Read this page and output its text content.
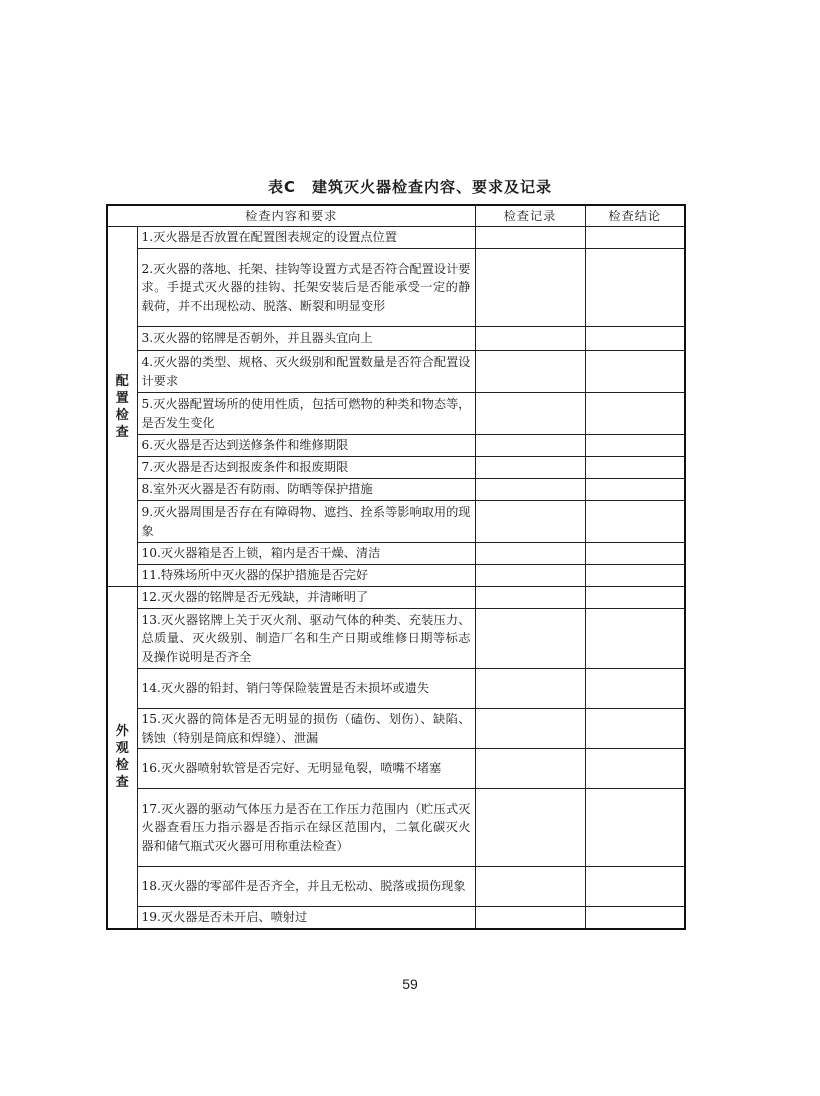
表C　建筑灭火器检查内容、要求及记录
检查内容和要求		检查记录	检查结论
配置检查	1.灭火器是否放置在配置图表规定的设置点位置		
	2.灭火器的落地、托架、挂钩等设置方式是否符合配置设计要求。手提式灭火器的挂钩、托架安装后是否能承受一定的静载荷，并不出现松动、脱落、断裂和明显变形		
	3.灭火器的铭牌是否朝外，并且器头宜向上		
	4.灭火器的类型、规格、灭火级别和配置数量是否符合配置设计要求		
	5.灭火器配置场所的使用性质，包括可燃物的种类和物态等，是否发生变化		
	6.灭火器是否达到送修条件和维修期限		
	7.灭火器是否达到报废条件和报废期限		
	8.室外灭火器是否有防雨、防晒等保护措施		
	9.灭火器周围是否存在有障碍物、遮挡、拴系等影响取用的现象		
	10.灭火器箱是否上锁，箱内是否干燥、清洁		
	11.特殊场所中灭火器的保护措施是否完好		
外观检查	12.灭火器的铭牌是否无残缺，并清晰明了		
	13.灭火器铭牌上关于灭火剂、驱动气体的种类、充装压力、总质量、灭火级别、制造厂名和生产日期或维修日期等标志及操作说明是否齐全		
	14.灭火器的铅封、销闩等保险装置是否未损坏或遗失		
	15.灭火器的筒体是否无明显的损伤（磕伤、划伤）、缺陷、锈蚀（特别是筒底和焊缝）、泄漏		
	16.灭火器喷射软管是否完好、无明显龟裂，喷嘴不堵塞		
	17.灭火器的驱动气体压力是否在工作压力范围内（贮压式灭火器查看压力指示器是否指示在绿区范围内，二氧化碳灭火器和储气瓶式灭火器可用称重法检查）		
	18.灭火器的零部件是否齐全，并且无松动、脱落或损伤现象		
	19.灭火器是否未开启、喷射过		
59
